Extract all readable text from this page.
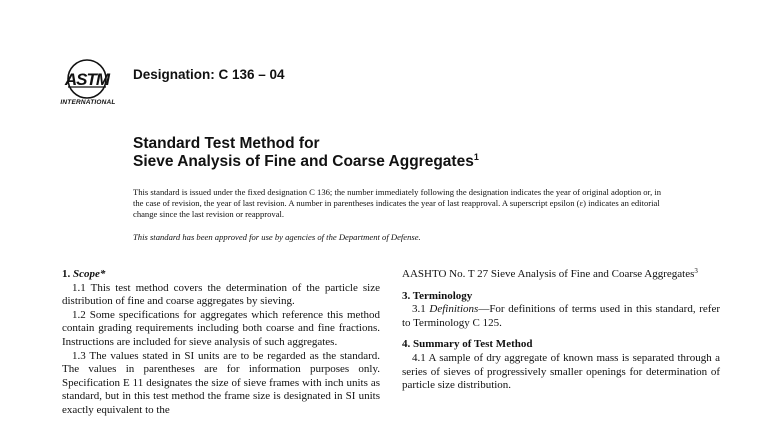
ASTM
INTERNATIONAL
Designation: C 136 – 04
Standard Test Method for
Sieve Analysis of Fine and Coarse Aggregates$^1$
This standard is issued under the fixed designation C 136; the number immediately following the designation indicates the year of original adoption or, in the case of revision, the year of last revision. A number in parentheses indicates the year of last reapproval. A superscript epsilon (ε) indicates an editorial change since the last revision or reapproval.
This standard has been approved for use by agencies of the Department of Defense.

1. Scope*

1.1 This test method covers the determination of the particle size distribution of fine and coarse aggregates by sieving.

1.2 Some specifications for aggregates which reference this method contain grading requirements including both coarse and fine fractions. Instructions are included for sieve analysis of such aggregates.

1.3 The values stated in SI units are to be regarded as the standard. The values in parentheses are for information purposes only. Specification E 11 designates the size of sieve frames with inch units as standard, but in this test method the frame size is designated in SI units exactly equivalent to the

AASHTO No. T 27 Sieve Analysis of Fine and Coarse Aggregates$^3$

3. Terminology

3.1 Definitions—For definitions of terms used in this standard, refer to Terminology C 125.

4. Summary of Test Method

4.1 A sample of dry aggregate of known mass is separated through a series of sieves of progressively smaller openings for determination of particle size distribution.
